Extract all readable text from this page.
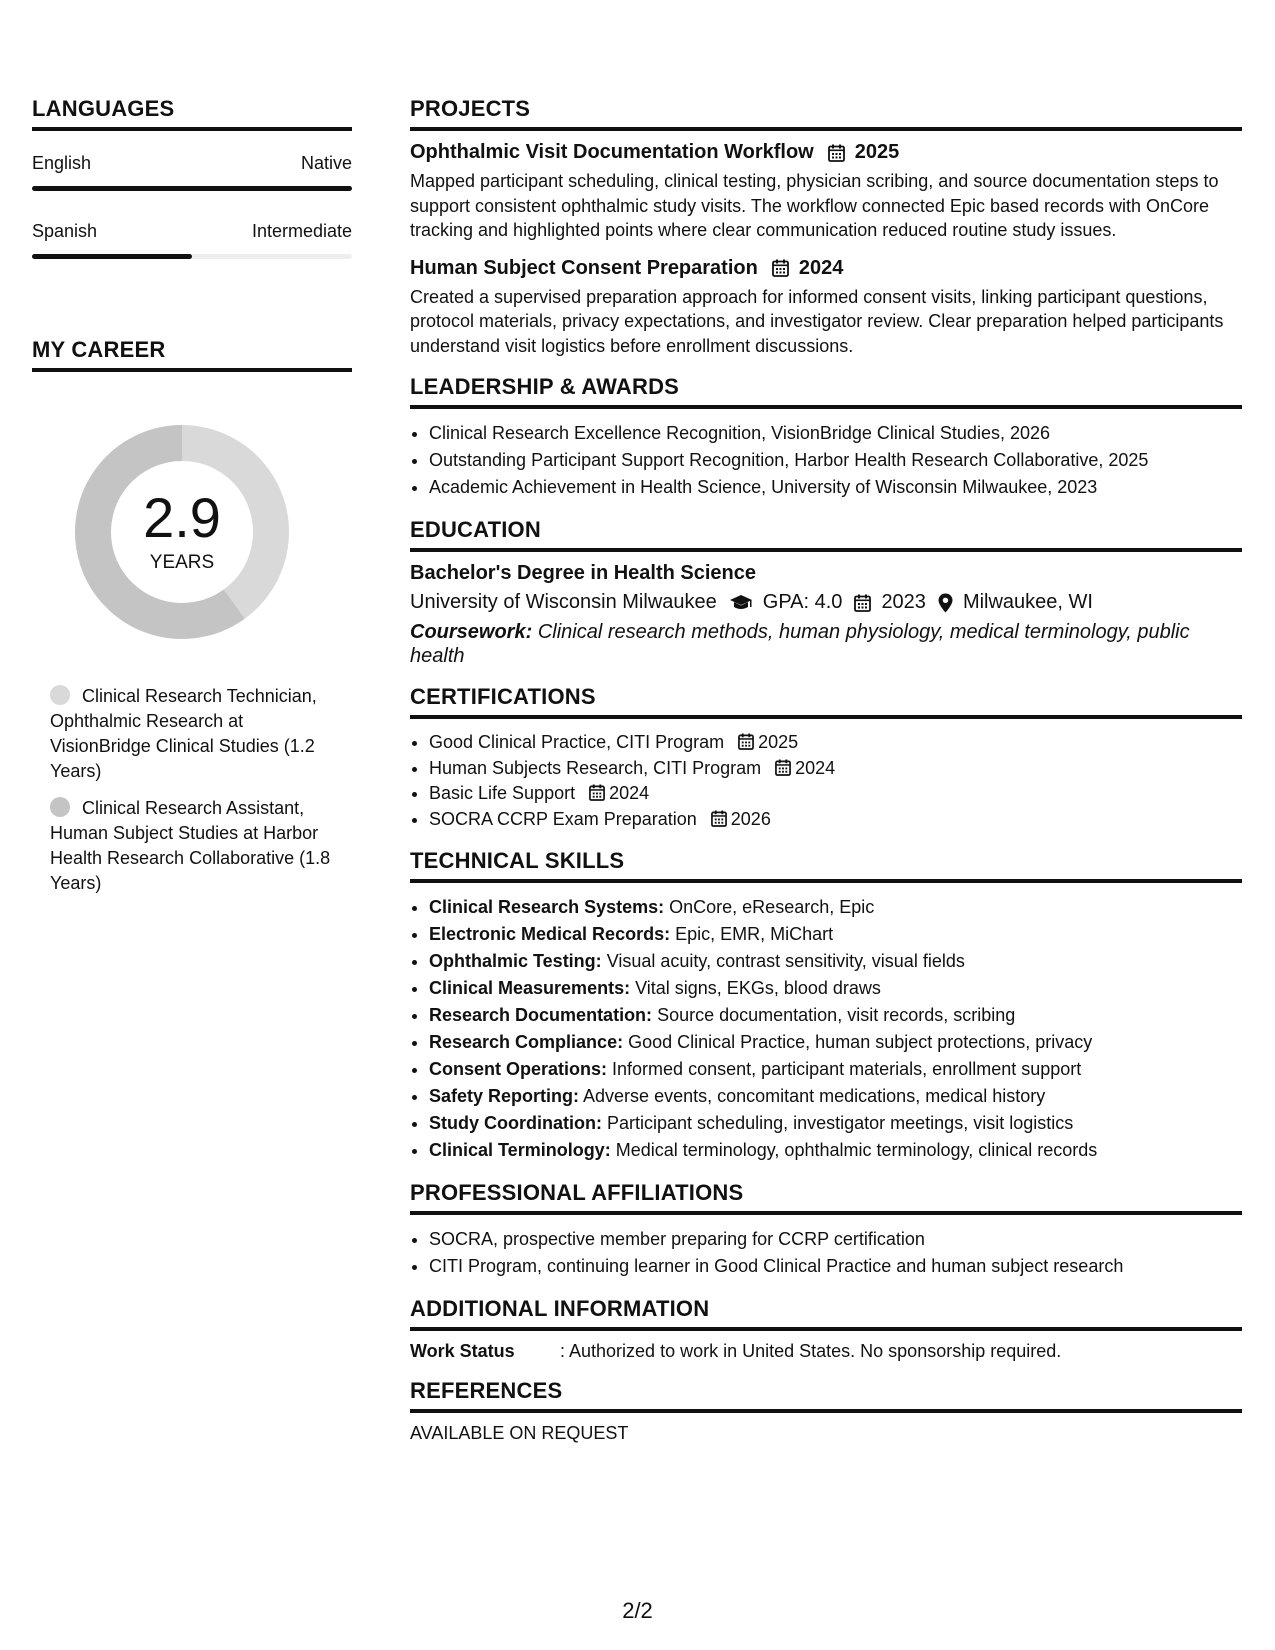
LANGUAGES
English	Native
Spanish	Intermediate
MY CAREER
2.9
YEARS
Clinical Research Technician, Ophthalmic Research at VisionBridge Clinical Studies (1.2 Years)
Clinical Research Assistant, Human Subject Studies at Harbor Health Research Collaborative (1.8 Years)
PROJECTS
Ophthalmic Visit Documentation Workflow 2025
Mapped participant scheduling, clinical testing, physician scribing, and source documentation steps to support consistent ophthalmic study visits. The workflow connected Epic based records with OnCore tracking and highlighted points where clear communication reduced routine study issues.
Human Subject Consent Preparation 2024
Created a supervised preparation approach for informed consent visits, linking participant questions, protocol materials, privacy expectations, and investigator review. Clear preparation helped participants understand visit logistics before enrollment discussions.
LEADERSHIP & AWARDS
• Clinical Research Excellence Recognition, VisionBridge Clinical Studies, 2026
• Outstanding Participant Support Recognition, Harbor Health Research Collaborative, 2025
• Academic Achievement in Health Science, University of Wisconsin Milwaukee, 2023
EDUCATION
Bachelor's Degree in Health Science
University of Wisconsin Milwaukee GPA: 4.0 2023 Milwaukee, WI
Coursework: Clinical research methods, human physiology, medical terminology, public health
CERTIFICATIONS
• Good Clinical Practice, CITI Program 2025
• Human Subjects Research, CITI Program 2024
• Basic Life Support 2024
• SOCRA CCRP Exam Preparation 2026
TECHNICAL SKILLS
• Clinical Research Systems: OnCore, eResearch, Epic
• Electronic Medical Records: Epic, EMR, MiChart
• Ophthalmic Testing: Visual acuity, contrast sensitivity, visual fields
• Clinical Measurements: Vital signs, EKGs, blood draws
• Research Documentation: Source documentation, visit records, scribing
• Research Compliance: Good Clinical Practice, human subject protections, privacy
• Consent Operations: Informed consent, participant materials, enrollment support
• Safety Reporting: Adverse events, concomitant medications, medical history
• Study Coordination: Participant scheduling, investigator meetings, visit logistics
• Clinical Terminology: Medical terminology, ophthalmic terminology, clinical records
PROFESSIONAL AFFILIATIONS
• SOCRA, prospective member preparing for CCRP certification
• CITI Program, continuing learner in Good Clinical Practice and human subject research
ADDITIONAL INFORMATION
Work Status	: Authorized to work in United States. No sponsorship required.
REFERENCES
AVAILABLE ON REQUEST
2/2
